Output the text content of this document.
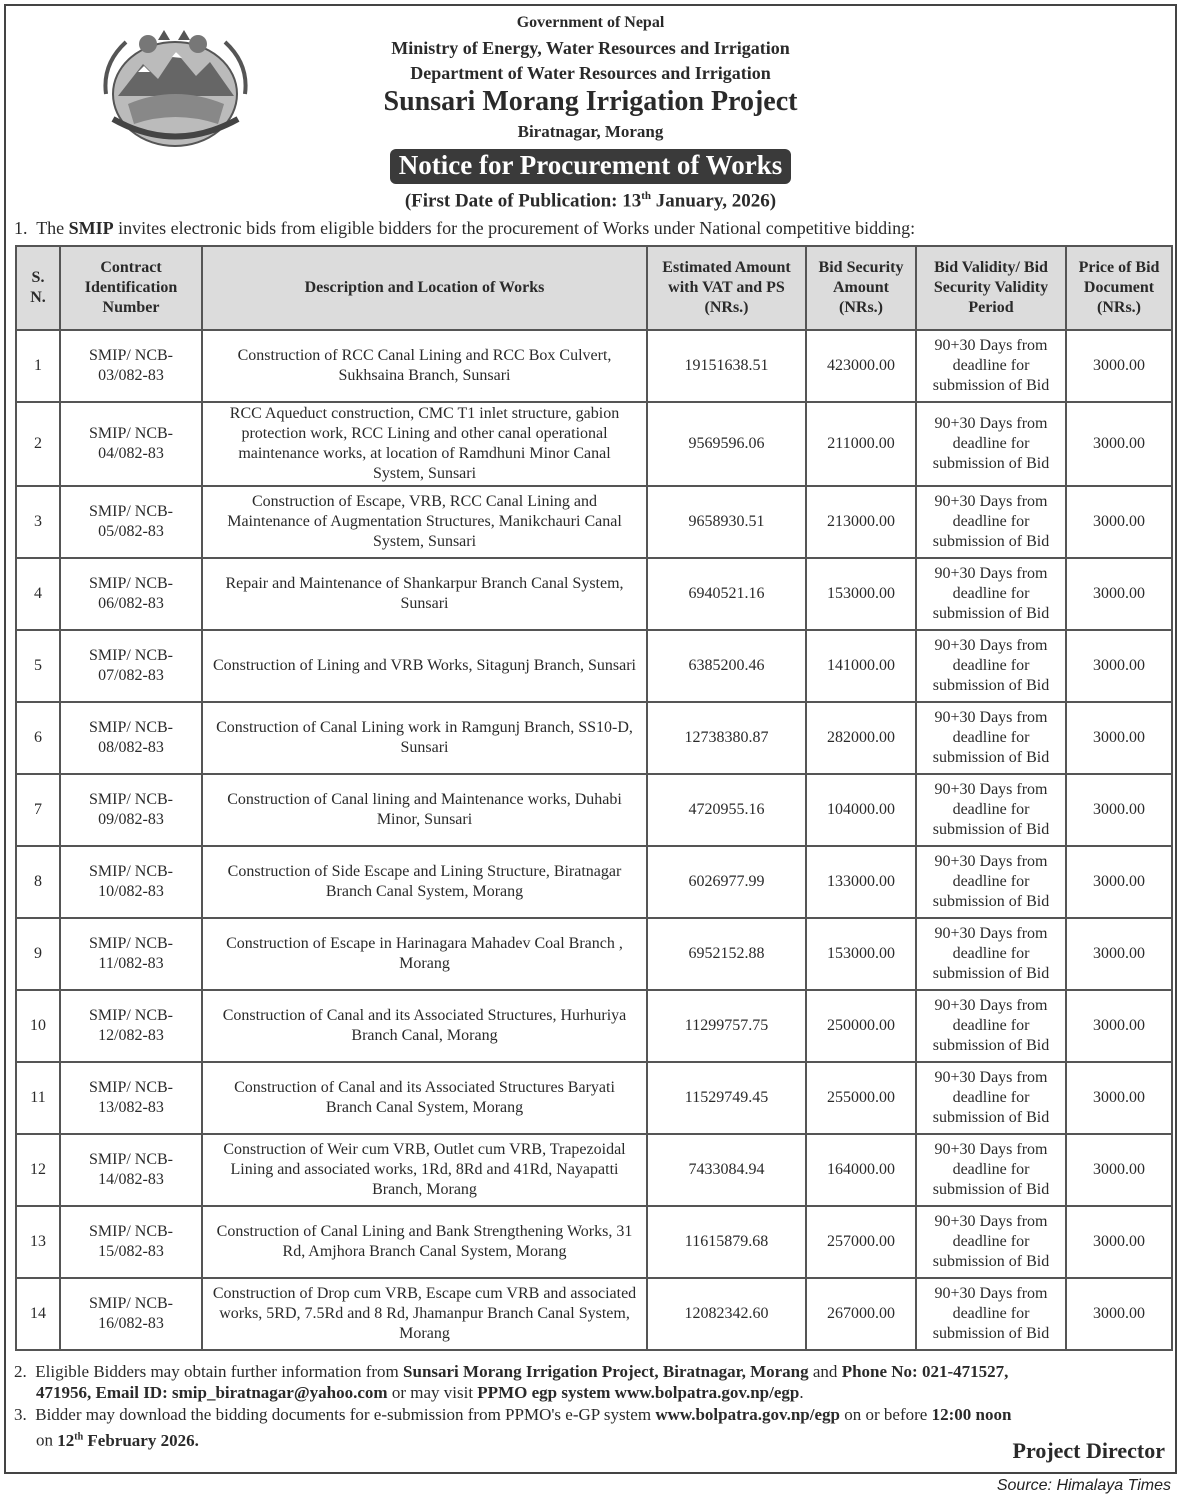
Government of Nepal
Ministry of Energy, Water Resources and Irrigation
Department of Water Resources and Irrigation
Sunsari Morang Irrigation Project
Biratnagar, Morang
Notice for Procurement of Works
(First Date of Publication: 13th January, 2026)
1. The SMIP invites electronic bids from eligible bidders for the procurement of Works under National competitive bidding:
S. N.	Contract Identification Number	Description and Location of Works	Estimated Amount with VAT and PS (NRs.)	Bid Security Amount (NRs.)	Bid Validity/ Bid Security Validity Period	Price of Bid Document (NRs.)
1	SMIP/ NCB-03/082-83	Construction of RCC Canal Lining and RCC Box Culvert, Sukhsaina Branch, Sunsari	19151638.51	423000.00	90+30 Days from deadline for submission of Bid	3000.00
2	SMIP/ NCB-04/082-83	RCC Aqueduct construction, CMC T1 inlet structure, gabion protection work, RCC Lining and other canal operational maintenance works, at location of Ramdhuni Minor Canal System, Sunsari	9569596.06	211000.00	90+30 Days from deadline for submission of Bid	3000.00
3	SMIP/ NCB-05/082-83	Construction of Escape, VRB, RCC Canal Lining and Maintenance of Augmentation Structures, Manikchauri Canal System, Sunsari	9658930.51	213000.00	90+30 Days from deadline for submission of Bid	3000.00
4	SMIP/ NCB-06/082-83	Repair and Maintenance of Shankarpur Branch Canal System, Sunsari	6940521.16	153000.00	90+30 Days from deadline for submission of Bid	3000.00
5	SMIP/ NCB-07/082-83	Construction of Lining and VRB Works, Sitagunj Branch, Sunsari	6385200.46	141000.00	90+30 Days from deadline for submission of Bid	3000.00
6	SMIP/ NCB-08/082-83	Construction of Canal Lining work in Ramgunj Branch, SS10-D, Sunsari	12738380.87	282000.00	90+30 Days from deadline for submission of Bid	3000.00
7	SMIP/ NCB-09/082-83	Construction of Canal lining and Maintenance works, Duhabi Minor, Sunsari	4720955.16	104000.00	90+30 Days from deadline for submission of Bid	3000.00
8	SMIP/ NCB-10/082-83	Construction of Side Escape and Lining Structure, Biratnagar Branch Canal System, Morang	6026977.99	133000.00	90+30 Days from deadline for submission of Bid	3000.00
9	SMIP/ NCB-11/082-83	Construction of Escape in Harinagara Mahadev Coal Branch , Morang	6952152.88	153000.00	90+30 Days from deadline for submission of Bid	3000.00
10	SMIP/ NCB-12/082-83	Construction of Canal and its Associated Structures, Hurhuriya Branch Canal, Morang	11299757.75	250000.00	90+30 Days from deadline for submission of Bid	3000.00
11	SMIP/ NCB-13/082-83	Construction of Canal and its Associated Structures Baryati Branch Canal System, Morang	11529749.45	255000.00	90+30 Days from deadline for submission of Bid	3000.00
12	SMIP/ NCB-14/082-83	Construction of Weir cum VRB, Outlet cum VRB, Trapezoidal Lining and associated works, 1Rd, 8Rd and 41Rd, Nayapatti Branch, Morang	7433084.94	164000.00	90+30 Days from deadline for submission of Bid	3000.00
13	SMIP/ NCB-15/082-83	Construction of Canal Lining and Bank Strengthening Works, 31 Rd, Amjhora Branch Canal System, Morang	11615879.68	257000.00	90+30 Days from deadline for submission of Bid	3000.00
14	SMIP/ NCB-16/082-83	Construction of Drop cum VRB, Escape cum VRB and associated works, 5RD, 7.5Rd and 8 Rd, Jhamanpur Branch Canal System, Morang	12082342.60	267000.00	90+30 Days from deadline for submission of Bid	3000.00
2. Eligible Bidders may obtain further information from Sunsari Morang Irrigation Project, Biratnagar, Morang and Phone No: 021-471527,
471956, Email ID: smip_biratnagar@yahoo.com or may visit PPMO egp system www.bolpatra.gov.np/egp.
3. Bidder may download the bidding documents for e-submission from PPMO's e-GP system www.bolpatra.gov.np/egp on or before 12:00 noon
on 12th February 2026.	Project Director
Source: Himalaya Times
